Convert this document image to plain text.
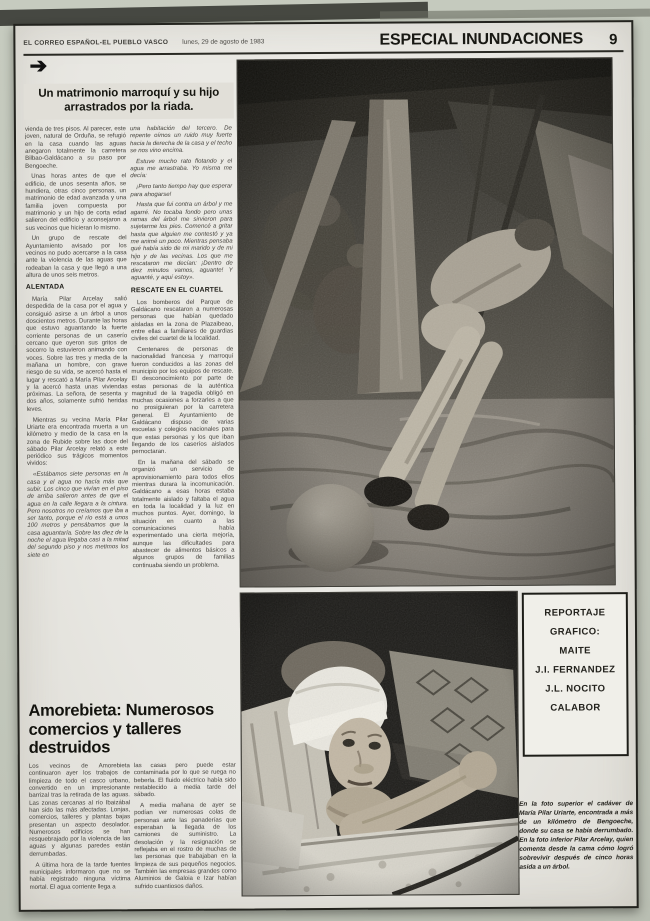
EL CORREO ESPAÑOL-EL PUEBLO VASCO lunes, 29 de agosto de 1983	ESPECIAL INUNDACIONES 9
➔
Un matrimonio marroquí y su hijo arrastrados por la riada.

vienda de tres pisos. Al parecer, este joven, natural de Orduña, se refugió en la casa cuando las aguas anegaron totalmente la carretera Bilbao-Galdácano a su paso por Bengoeche.

Unas horas antes de que el edificio, de unos sesenta años, se hundiera, otras cinco personas, un matrimonio de edad avanzada y una familia joven compuesta por matrimonio y un hijo de corta edad salieron del edificio y aconsejaron a sus vecinos que hicieran lo mismo.

Un grupo de rescate del Ayuntamiento avisado por los vecinos no pudo acercarse a la casa ante la violencia de las aguas que rodeaban la casa y que llegó a una altura de unos seis metros.

ALENTADA

María Pilar Arcelay salió despedida de la casa por el agua y consiguió asirse a un árbol a unos doscientos metros. Durante las horas que estuvo aguantando la fuerte corriente personas de un caserío cercano que oyeron sus gritos de socorro la estuvieron animando con voces. Sobre las tres y media de la mañana un hombre, con grave riesgo de su vida, se acercó hasta el lugar y rescató a María Pilar Arcelay y la acercó hasta unas viviendas próximas. La señora, de sesenta y dos años, solamente sufrió heridas leves.

Mientras su vecina María Pilar Uriarte era encontrada muerta a un kilómetro y medio de la casa en la zona de Rubide sobre las doce del sábado Pilar Arcelay relató a este periódico sus trágicos momentos vividos:

«Estábamos siete personas en la casa y el agua no hacía más que subir. Los cinco que vivían en el piso de arriba salieron antes de que el agua en la calle llegara a la cintura. Pero nosotros no creíamos que iba a ser tanto, porque el río está a unos 100 metros y pensábamos que la casa aguantaría. Sobre las diez de la noche el agua llegaba casi a la mitad del segundo piso y nos metimos los siete en

una habitación del tercero. De repente oímos un ruido muy fuerte hacia la derecha de la casa y el techo se nos vino encima.

Estuve mucho rato flotando y el agua me arrastraba. Yo misma me decía:

¡Pero tanto tiempo hay que esperar para ahogarse!

Hasta que fui contra un árbol y me agarré. No tocaba fondo pero unas ramas del árbol me sirvieron para sujetarme los pies. Comencé a gritar hasta que alguien me contestó y ya me animé un poco. Mientras pensaba qué había sido de mi marido y de mi hijo y de las vecinas. Los que me rescataron me decían: ¡Dentro de diez minutos vamos, aguante! Y aguanté, y aquí estoy».

RESCATE EN EL CUARTEL

Los bomberos del Parque de Galdácano rescataron a numerosas personas que habían quedado aisladas en la zona de Plazaibeao, entre ellas a familiares de guardias civiles del cuartel de la localidad.

Centenares de personas de nacionalidad francesa y marroquí fueron conducidos a las zonas del municipio por los equipos de rescate. El desconocimiento por parte de estas personas de la auténtica magnitud de la tragedia obligó en muchas ocasiones a forzarles a que no prosiguieran por la carretera general. El Ayuntamiento de Galdácano dispuso de varias escuelas y colegios nacionales para que estas personas y los que iban llegando de los caseríos aislados pernoctaran.

En la mañana del sábado se organizó un servicio de aprovisionamiento para todos ellos mientras durara la incomunicación. Galdácano a esas horas estaba totalmente aislado y faltaba el agua en toda la localidad y la luz en muchos puntos. Ayer, domingo, la situación en cuanto a las comunicaciones había experimentado una cierta mejoría, aunque las dificultades para abastecer de alimentos básicos a algunos grupos de familias continuaba siendo un problema.

Amorebieta: Numerosos comercios y talleres destruidos

Los vecinos de Amorebieta continuaron ayer los trabajos de limpieza de todo el casco urbano, convertido en un impresionante barrizal tras la retirada de las aguas. Las zonas cercanas al río Ibaizábal han sido las más afectadas. Lonjas, comercios, talleres y plantas bajas presentan un aspecto desolador. Numerosos edificios se han resquebrajado por la violencia de las aguas y algunas paredes están derrumbadas.

A última hora de la tarde fuentes municipales informaron que no se había registrado ninguna víctima mortal. El agua corriente llega a

las casas pero puede estar contaminada por lo que se ruega no beberla. El fluido eléctrico había sido restablecido a media tarde del sábado.

A media mañana de ayer se podían ver numerosas colas de personas ante las panaderías que esperaban la llegada de los camiones de suministro. La desolación y la resignación se reflejaba en el rostro de muchas de las personas que trabajaban en la limpieza de sus pequeños negocios. También las empresas grandes como Aluminios de Galoia e Izar habían sufrido cuantiosos daños.

REPORTAJE
GRAFICO:
MAITE
J.I. FERNANDEZ
J.L. NOCITO
CALABOR
En la foto superior el cadáver de María Pilar Uriarte, encontrada a más de un kilómetro de Bengoeche, donde su casa se había derrumbado. En la foto inferior Pilar Arcelay, quien comenta desde la cama cómo logró sobrevivir después de cinco horas asida a un árbol.
